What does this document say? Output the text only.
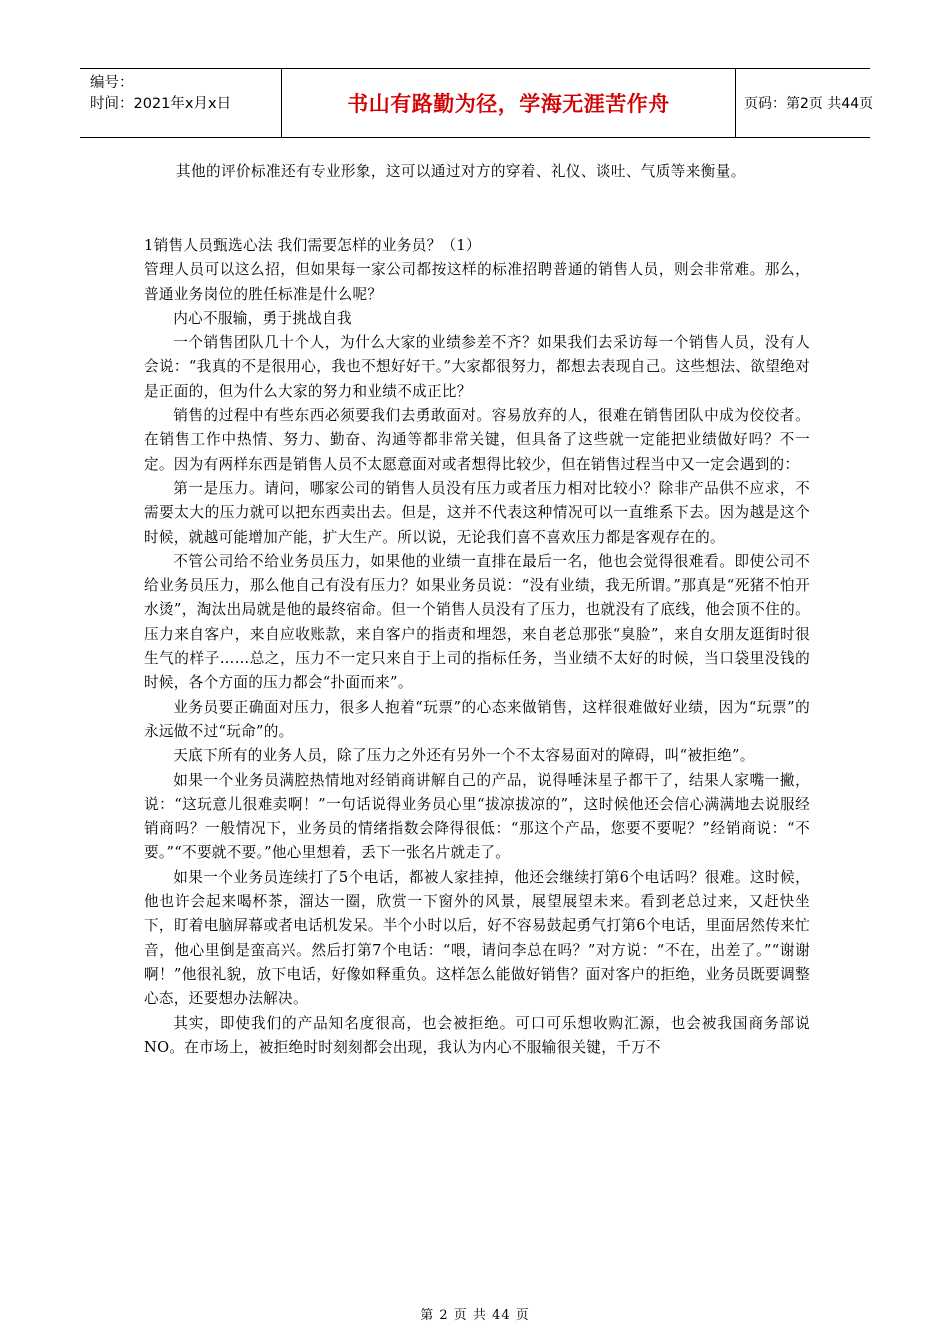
编号：
时间：2021年x月x日	书山有路勤为径，学海无涯苦作舟	页码：第2页 共44页
其他的评价标准还有专业形象，这可以通过对方的穿着、礼仪、谈吐、气质等来衡量。

1销售人员甄选心法 我们需要怎样的业务员？（1）

管理人员可以这么招，但如果每一家公司都按这样的标准招聘普通的销售人员，则会非常难。那么，普通业务岗位的胜任标准是什么呢？

内心不服输，勇于挑战自我

一个销售团队几十个人，为什么大家的业绩参差不齐？如果我们去采访每一个销售人员，没有人会说：“我真的不是很用心，我也不想好好干。”大家都很努力，都想去表现自己。这些想法、欲望绝对是正面的，但为什么大家的努力和业绩不成正比？

销售的过程中有些东西必须要我们去勇敢面对。容易放弃的人，很难在销售团队中成为佼佼者。在销售工作中热情、努力、勤奋、沟通等都非常关键，但具备了这些就一定能把业绩做好吗？不一定。因为有两样东西是销售人员不太愿意面对或者想得比较少，但在销售过程当中又一定会遇到的：

第一是压力。请问，哪家公司的销售人员没有压力或者压力相对比较小？除非产品供不应求，不需要太大的压力就可以把东西卖出去。但是，这并不代表这种情况可以一直维系下去。因为越是这个时候，就越可能增加产能，扩大生产。所以说，无论我们喜不喜欢压力都是客观存在的。

不管公司给不给业务员压力，如果他的业绩一直排在最后一名，他也会觉得很难看。即使公司不给业务员压力，那么他自己有没有压力？如果业务员说：“没有业绩，我无所谓。”那真是“死猪不怕开水烫”，淘汰出局就是他的最终宿命。但一个销售人员没有了压力，也就没有了底线，他会顶不住的。压力来自客户，来自应收账款，来自客户的指责和埋怨，来自老总那张“臭脸”，来自女朋友逛街时很生气的样子……总之，压力不一定只来自于上司的指标任务，当业绩不太好的时候，当口袋里没钱的时候，各个方面的压力都会“扑面而来”。

业务员要正确面对压力，很多人抱着“玩票”的心态来做销售，这样很难做好业绩，因为“玩票”的永远做不过“玩命”的。

天底下所有的业务人员，除了压力之外还有另外一个不太容易面对的障碍，叫“被拒绝”。

如果一个业务员满腔热情地对经销商讲解自己的产品，说得唾沫星子都干了，结果人家嘴一撇，说：“这玩意儿很难卖啊！”一句话说得业务员心里“拔凉拔凉的”，这时候他还会信心满满地去说服经销商吗？一般情况下，业务员的情绪指数会降得很低：“那这个产品，您要不要呢？”经销商说：“不要。”“不要就不要。”他心里想着，丢下一张名片就走了。

如果一个业务员连续打了5个电话，都被人家挂掉，他还会继续打第6个电话吗？很难。这时候，他也许会起来喝杯茶，溜达一圈，欣赏一下窗外的风景，展望展望未来。看到老总过来，又赶快坐下，盯着电脑屏幕或者电话机发呆。半个小时以后，好不容易鼓起勇气打第6个电话，里面居然传来忙音，他心里倒是蛮高兴。然后打第7个电话：“喂，请问李总在吗？”对方说：“不在，出差了。”“谢谢啊！”他很礼貌，放下电话，好像如释重负。这样怎么能做好销售？面对客户的拒绝，业务员既要调整心态，还要想办法解决。

其实，即使我们的产品知名度很高，也会被拒绝。可口可乐想收购汇源，也会被我国商务部说NO。在市场上，被拒绝时时刻刻都会出现，我认为内心不服输很关键，千万不

第 2 页 共 44 页
